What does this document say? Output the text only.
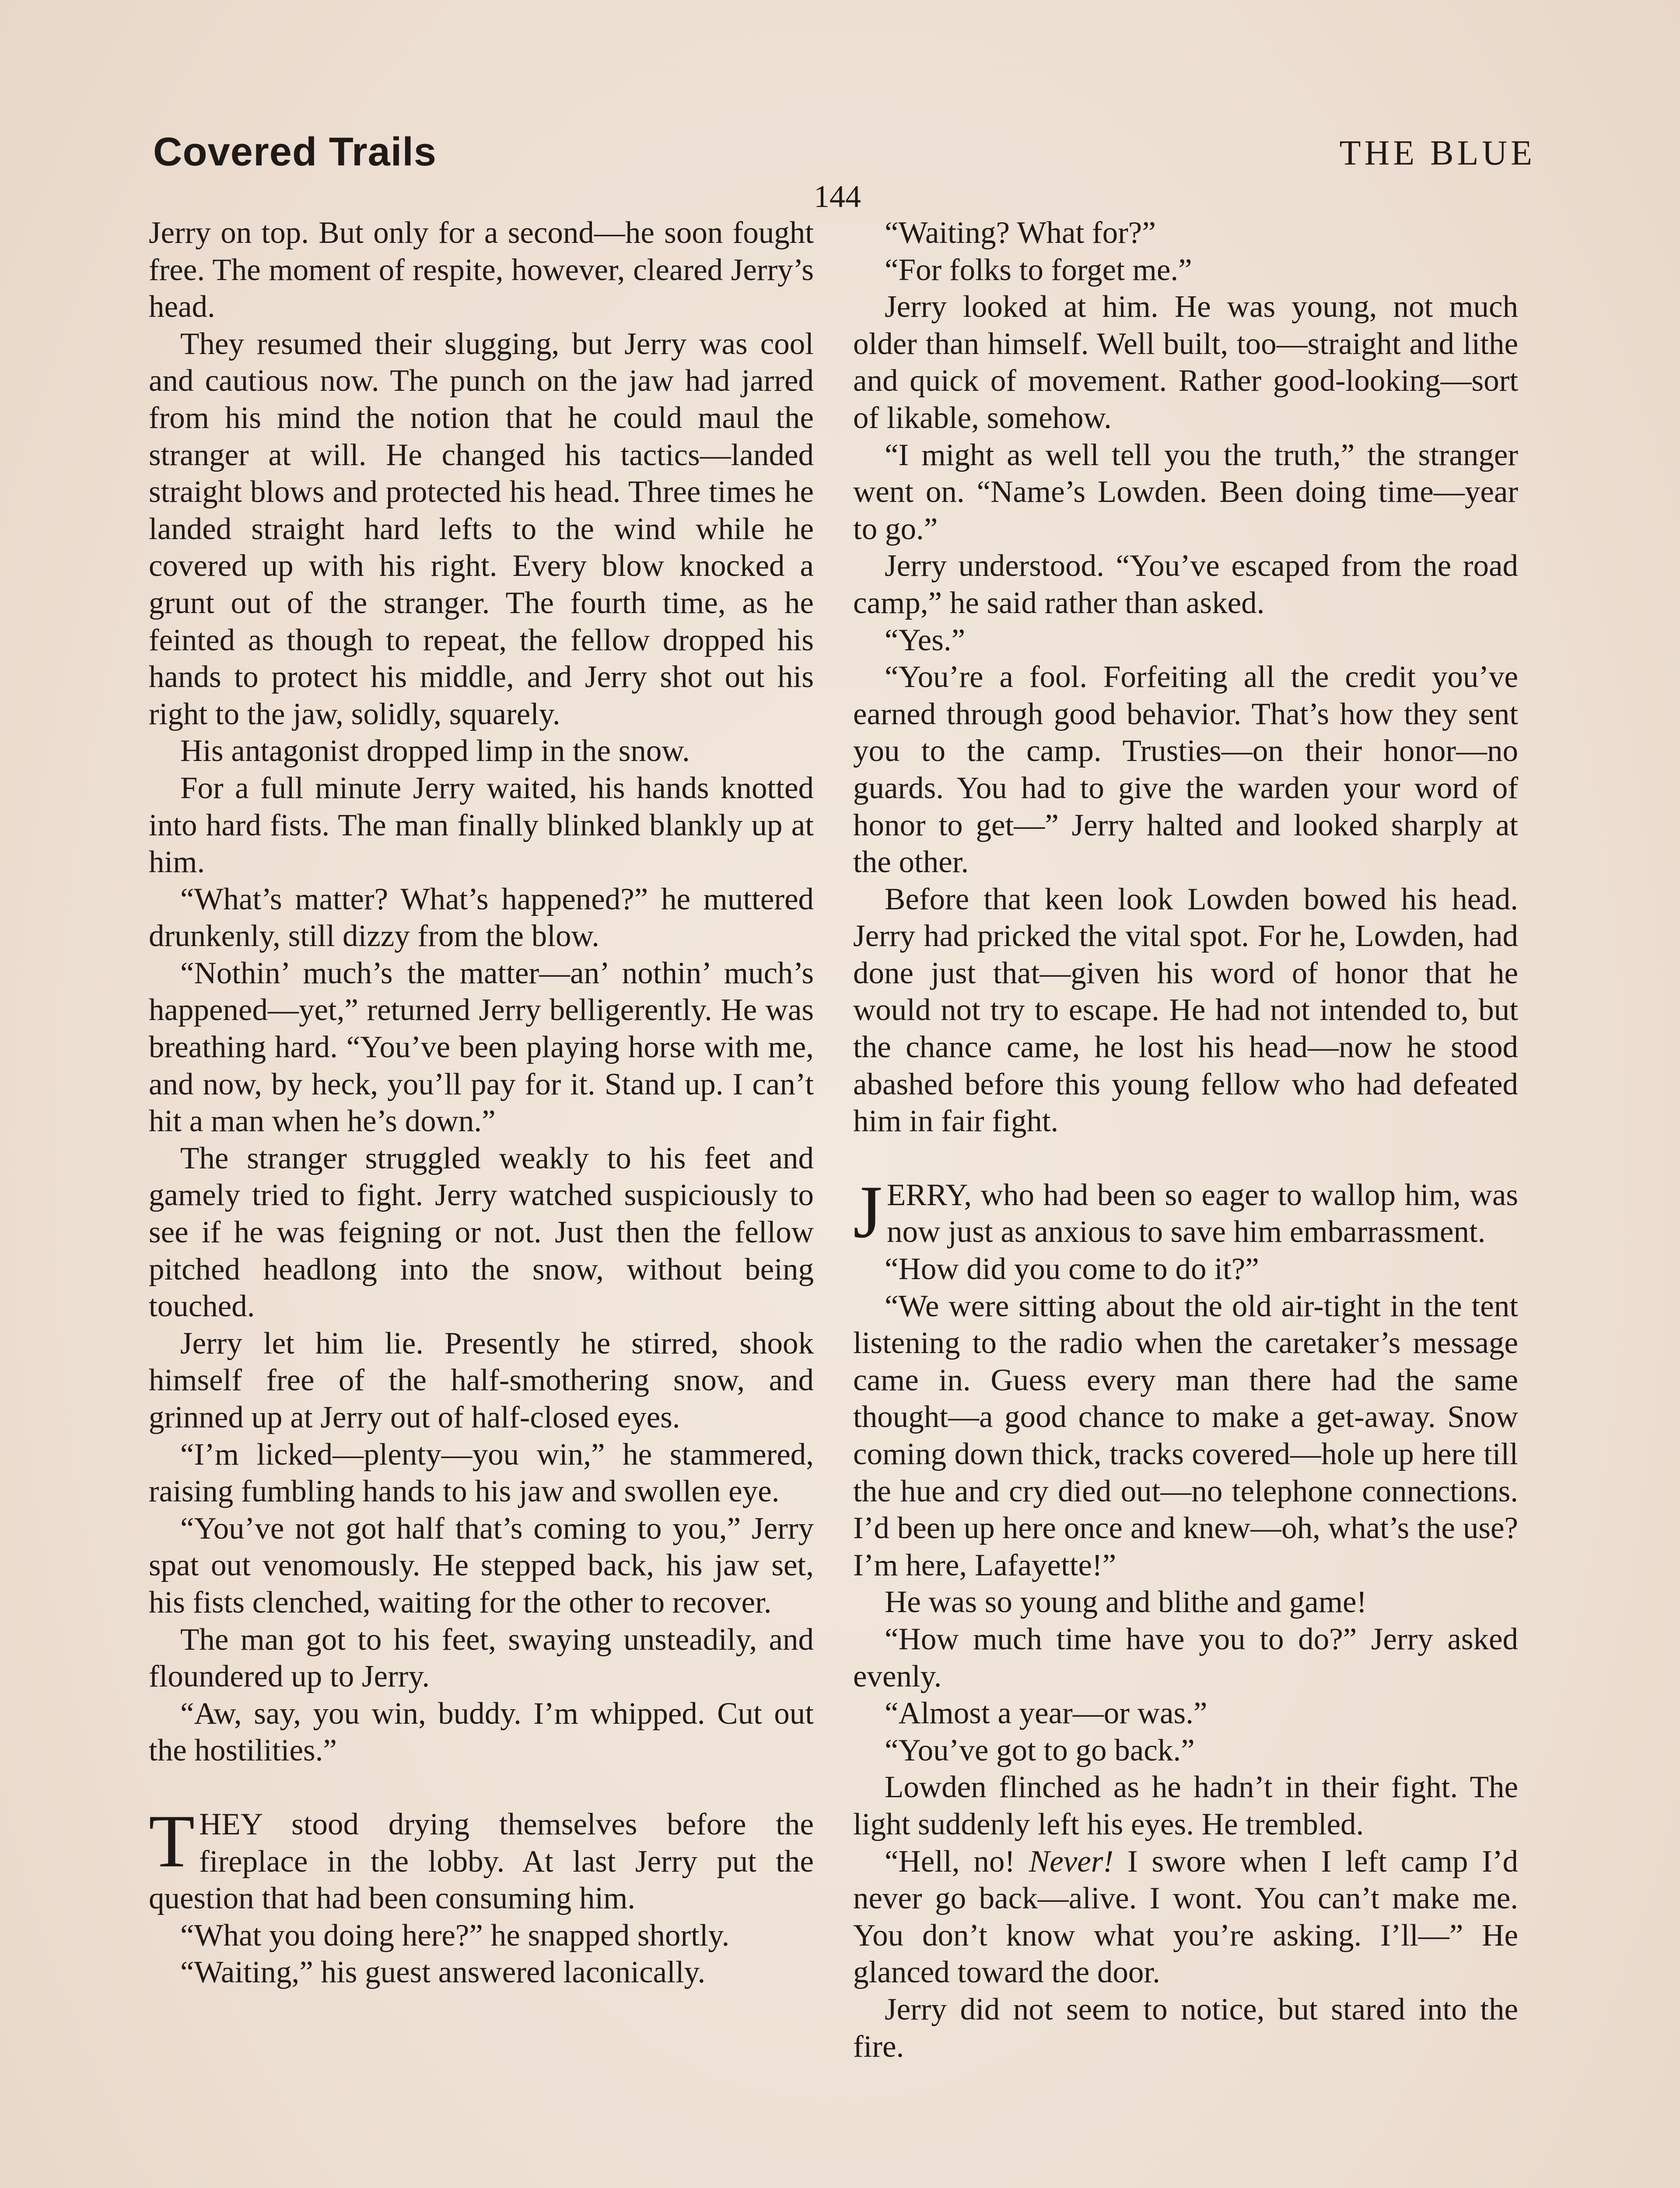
Covered Trails	THE BLUE
144

Jerry on top. But only for a second—he soon fought free. The moment of respite, however, cleared Jerry’s head.

They resumed their slugging, but Jerry was cool and cautious now. The punch on the jaw had jarred from his mind the notion that he could maul the stranger at will. He changed his tactics—landed straight blows and protected his head. Three times he landed straight hard lefts to the wind while he covered up with his right. Every blow knocked a grunt out of the stranger. The fourth time, as he feinted as though to repeat, the fellow dropped his hands to protect his middle, and Jerry shot out his right to the jaw, solidly, squarely.

His antagonist dropped limp in the snow.

For a full minute Jerry waited, his hands knotted into hard fists. The man finally blinked blankly up at him.

“What’s matter? What’s happened?” he muttered drunkenly, still dizzy from the blow.

“Nothin’ much’s the matter—an’ nothin’ much’s happened—yet,” returned Jerry belligerently. He was breathing hard. “You’ve been playing horse with me, and now, by heck, you’ll pay for it. Stand up. I can’t hit a man when he’s down.”

The stranger struggled weakly to his feet and gamely tried to fight. Jerry watched suspiciously to see if he was feigning or not. Just then the fellow pitched headlong into the snow, without being touched.

Jerry let him lie. Presently he stirred, shook himself free of the half-smothering snow, and grinned up at Jerry out of half-closed eyes.

“I’m licked—plenty—you win,” he stammered, raising fumbling hands to his jaw and swollen eye.

“You’ve not got half that’s coming to you,” Jerry spat out venomously. He stepped back, his jaw set, his fists clenched, waiting for the other to recover.

The man got to his feet, swaying unsteadily, and floundered up to Jerry.

“Aw, say, you win, buddy. I’m whipped. Cut out the hostilities.”

THEY stood drying themselves before the fireplace in the lobby. At last Jerry put the question that had been consuming him.

“What you doing here?” he snapped shortly.

“Waiting,” his guest answered laconically.

“Waiting? What for?”

“For folks to forget me.”

Jerry looked at him. He was young, not much older than himself. Well built, too—straight and lithe and quick of movement. Rather good-looking—sort of likable, somehow.

“I might as well tell you the truth,” the stranger went on. “Name’s Lowden. Been doing time—year to go.”

Jerry understood. “You’ve escaped from the road camp,” he said rather than asked.

“Yes.”

“You’re a fool. Forfeiting all the credit you’ve earned through good behavior. That’s how they sent you to the camp. Trusties—on their honor—no guards. You had to give the warden your word of honor to get—” Jerry halted and looked sharply at the other.

Before that keen look Lowden bowed his head. Jerry had pricked the vital spot. For he, Lowden, had done just that—given his word of honor that he would not try to escape. He had not intended to, but the chance came, he lost his head—now he stood abashed before this young fellow who had defeated him in fair fight.

JERRY, who had been so eager to wallop him, was now just as anxious to save him embarrassment.

“How did you come to do it?”

“We were sitting about the old air-tight in the tent listening to the radio when the caretaker’s message came in. Guess every man there had the same thought—a good chance to make a get-away. Snow coming down thick, tracks covered—hole up here till the hue and cry died out—no telephone connections. I’d been up here once and knew—oh, what’s the use? I’m here, Lafayette!”

He was so young and blithe and game!

“How much time have you to do?” Jerry asked evenly.

“Almost a year—or was.”

“You’ve got to go back.”

Lowden flinched as he hadn’t in their fight. The light suddenly left his eyes. He trembled.

“Hell, no! Never! I swore when I left camp I’d never go back—alive. I wont. You can’t make me. You don’t know what you’re asking. I’ll—” He glanced toward the door.

Jerry did not seem to notice, but stared into the fire.
